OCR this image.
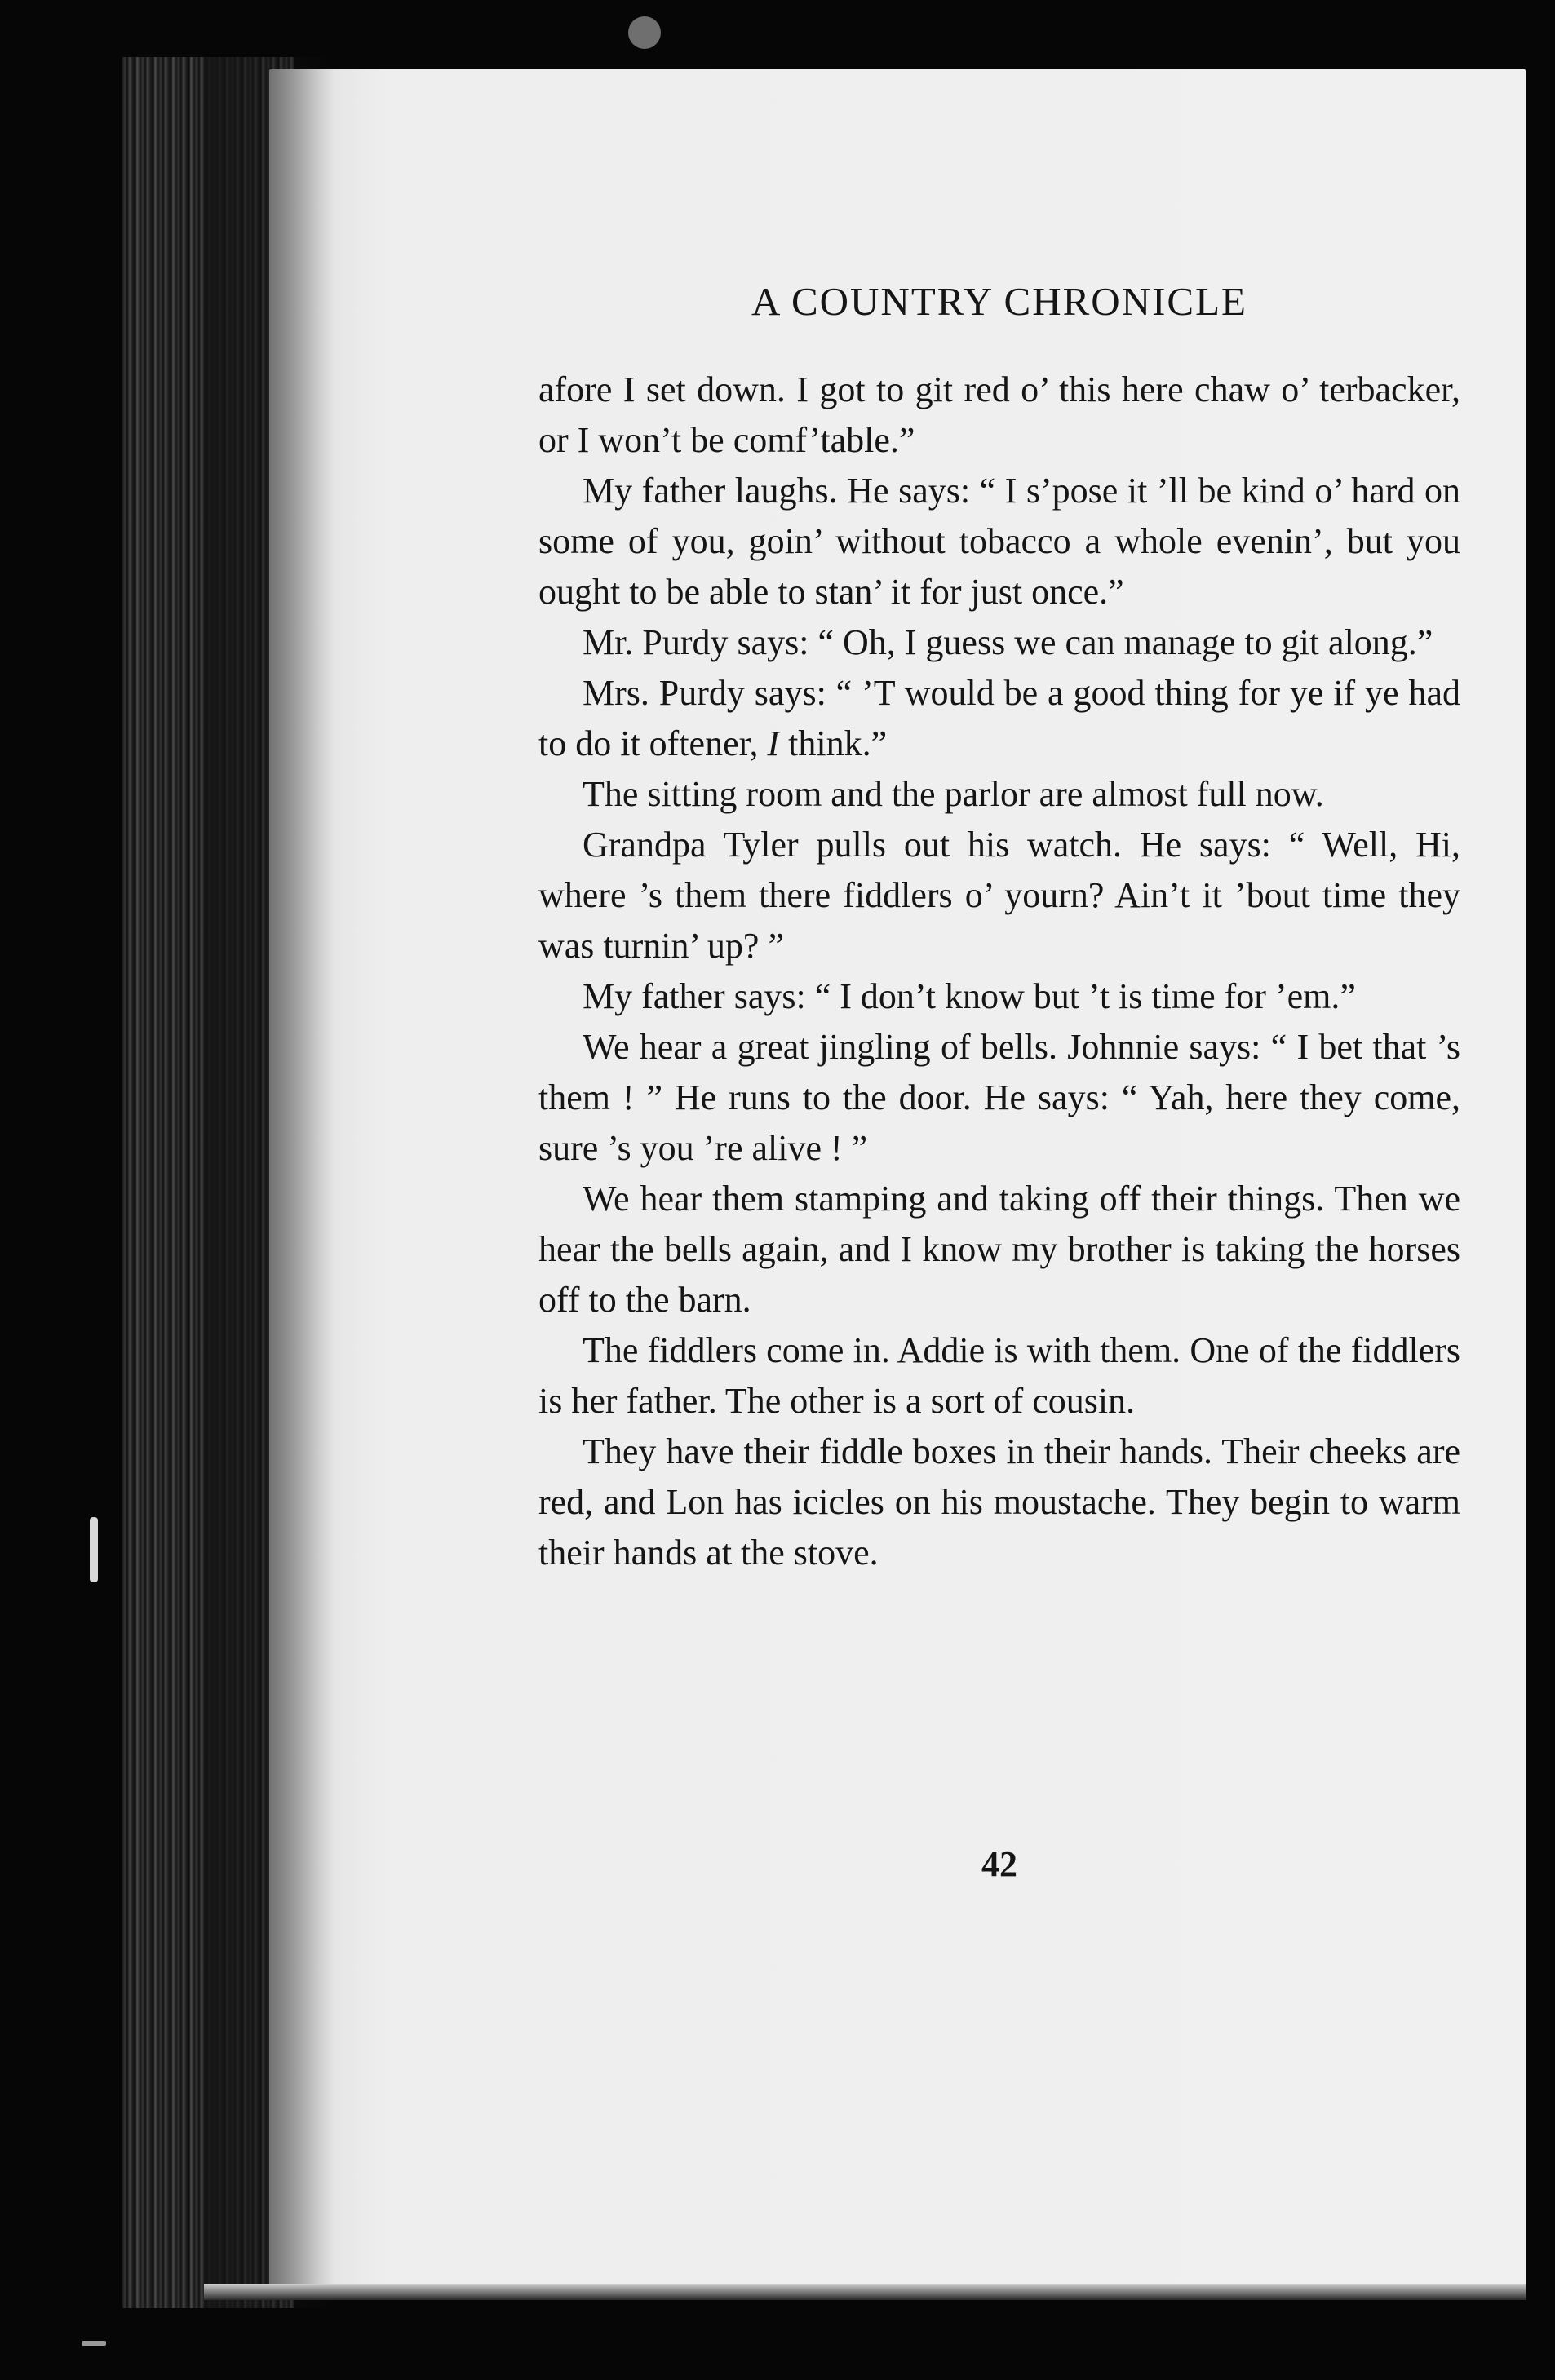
A COUNTRY CHRONICLE

afore I set down. I got to git red o’ this here chaw o’ terbacker, or I won’t be comf’table.”

My father laughs. He says: “ I s’pose it ’ll be kind o’ hard on some of you, goin’ without tobacco a whole evenin’, but you ought to be able to stan’ it for just once.”

Mr. Purdy says: “ Oh, I guess we can manage to git along.”

Mrs. Purdy says: “ ’T would be a good thing for ye if ye had to do it oftener, I think.”

The sitting room and the parlor are almost full now.

Grandpa Tyler pulls out his watch. He says: “ Well, Hi, where ’s them there fiddlers o’ yourn? Ain’t it ’bout time they was turnin’ up? ”

My father says: “ I don’t know but ’t is time for ’em.”

We hear a great jingling of bells. Johnnie says: “ I bet that ’s them ! ” He runs to the door. He says: “ Yah, here they come, sure ’s you ’re alive ! ”

We hear them stamping and taking off their things. Then we hear the bells again, and I know my brother is taking the horses off to the barn.

The fiddlers come in. Addie is with them. One of the fiddlers is her father. The other is a sort of cousin.

They have their fiddle boxes in their hands. Their cheeks are red, and Lon has icicles on his moustache. They begin to warm their hands at the stove.

42
